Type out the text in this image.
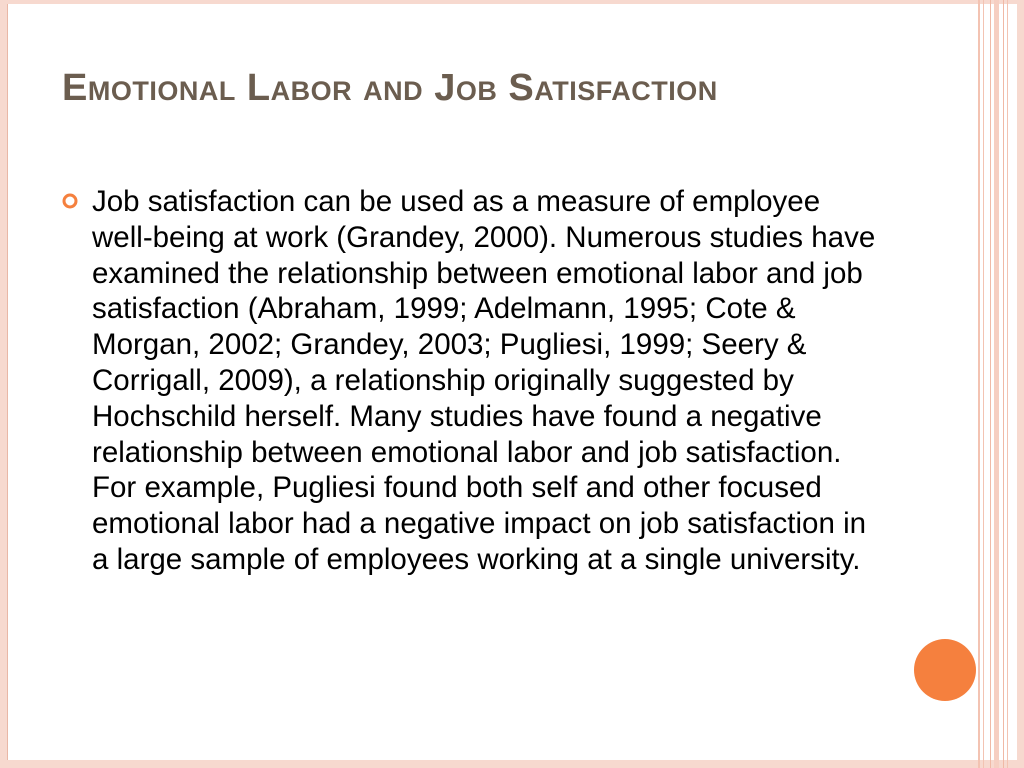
Emotional Labor and Job Satisfaction

Job satisfaction can be used as a measure of employee well-being at work (Grandey, 2000). Numerous studies have examined the relationship between emotional labor and job satisfaction (Abraham, 1999; Adelmann, 1995; Cote & Morgan, 2002; Grandey, 2003; Pugliesi, 1999; Seery & Corrigall, 2009), a relationship originally suggested by Hochschild herself. Many studies have found a negative relationship between emotional labor and job satisfaction. For example, Pugliesi found both self and other focused emotional labor had a negative impact on job satisfaction in a large sample of employees working at a single university.
